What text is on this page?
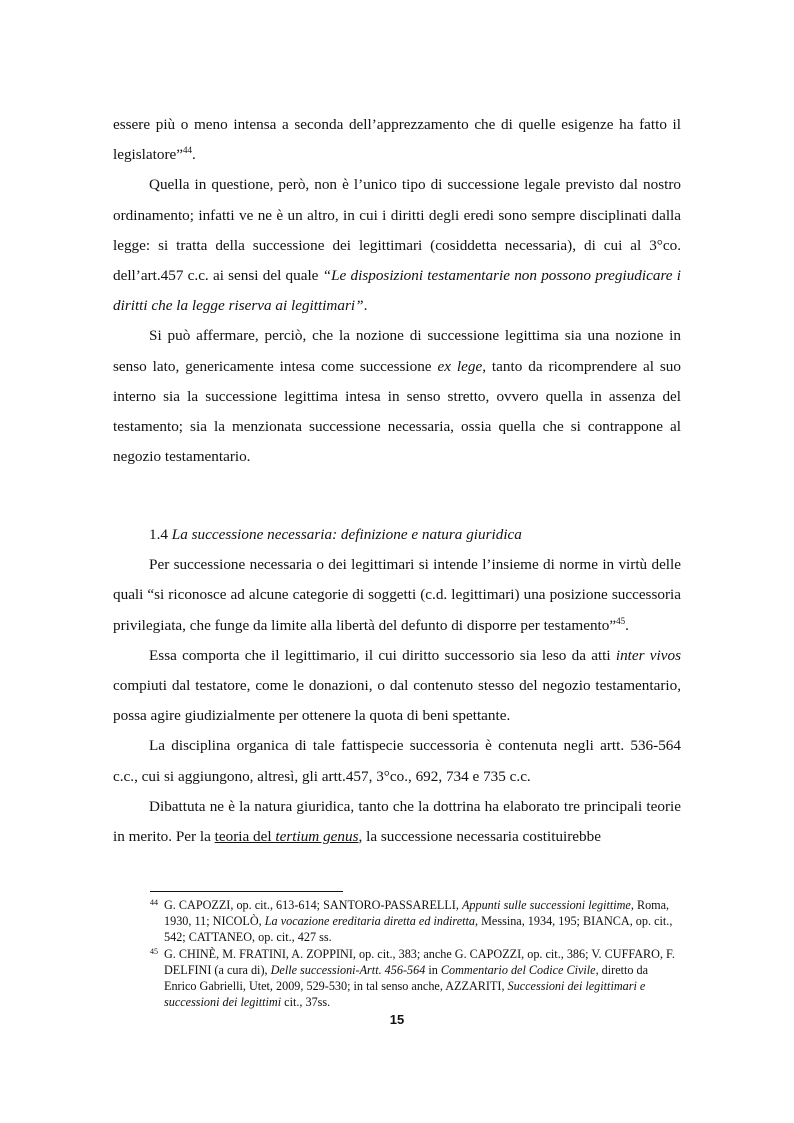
essere più o meno intensa a seconda dell’apprezzamento che di quelle esigenze ha fatto il legislatore”$^{44}$.

Quella in questione, però, non è l’unico tipo di successione legale previsto dal nostro ordinamento; infatti ve ne è un altro, in cui i diritti degli eredi sono sempre disciplinati dalla legge: si tratta della successione dei legittimari (cosiddetta necessaria), di cui al 3°co. dell’art.457 c.c. ai sensi del quale “Le disposizioni testamentarie non possono pregiudicare i diritti che la legge riserva ai legittimari”.

Si può affermare, perciò, che la nozione di successione legittima sia una nozione in senso lato, genericamente intesa come successione ex lege, tanto da ricomprendere al suo interno sia la successione legittima intesa in senso stretto, ovvero quella in assenza del testamento; sia la menzionata successione necessaria, ossia quella che si contrappone al negozio testamentario.

1.4 La successione necessaria: definizione e natura giuridica

Per successione necessaria o dei legittimari si intende l’insieme di norme in virtù delle quali “si riconosce ad alcune categorie di soggetti (c.d. legittimari) una posizione successoria privilegiata, che funge da limite alla libertà del defunto di disporre per testamento”$^{45}$.

Essa comporta che il legittimario, il cui diritto successorio sia leso da atti inter vivos compiuti dal testatore, come le donazioni, o dal contenuto stesso del negozio testamentario, possa agire giudizialmente per ottenere la quota di beni spettante.

La disciplina organica di tale fattispecie successoria è contenuta negli artt. 536-564 c.c., cui si aggiungono, altresì, gli artt.457, 3°co., 692, 734 e 735 c.c.

Dibattuta ne è la natura giuridica, tanto che la dottrina ha elaborato tre principali teorie in merito. Per la teoria del tertium genus, la successione necessaria costituirebbe

44 G. CAPOZZI, op. cit., 613-614; SANTORO-PASSARELLI, Appunti sulle successioni legittime, Roma, 1930, 11; NICOLÒ, La vocazione ereditaria diretta ed indiretta, Messina, 1934, 195; BIANCA, op. cit., 542; CATTANEO, op. cit., 427 ss.
45 G. CHINÈ, M. FRATINI, A. ZOPPINI, op. cit., 383; anche G. CAPOZZI, op. cit., 386; V. CUFFARO, F. DELFINI (a cura di), Delle successioni-Artt. 456-564 in Commentario del Codice Civile, diretto da Enrico Gabrielli, Utet, 2009, 529-530; in tal senso anche, AZZARITI, Successioni dei legittimari e successioni dei legittimi cit., 37ss.
15
